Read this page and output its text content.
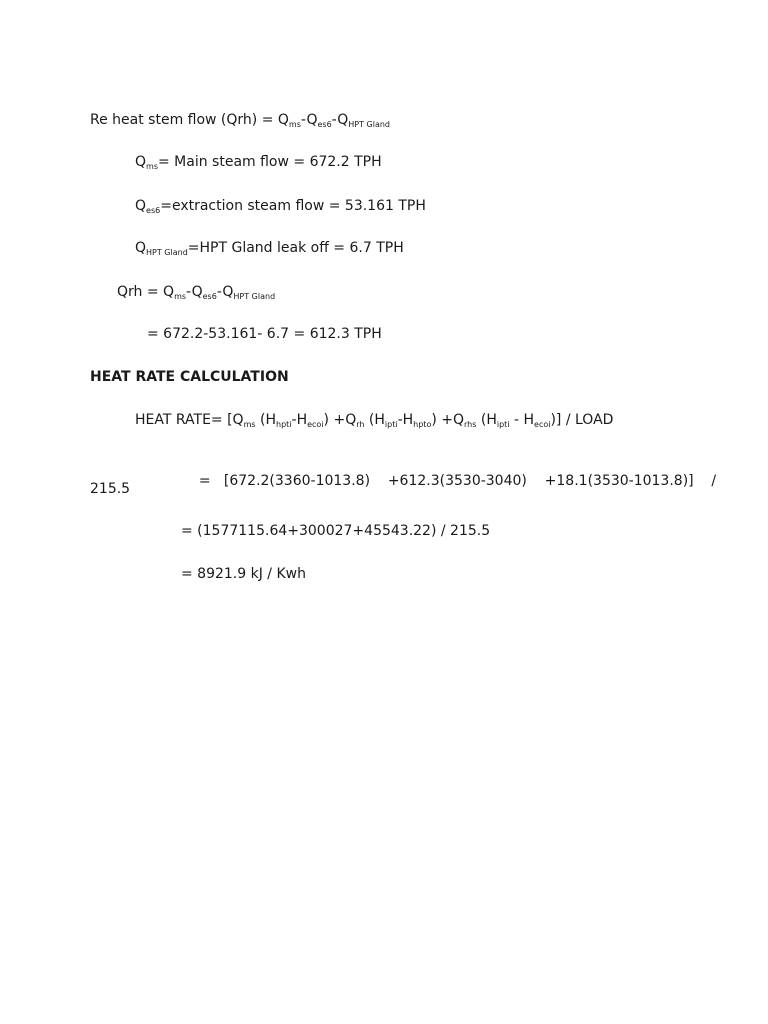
Re heat stem flow $(Qrh) = Q_{ms}-Q_{es6}-Q_{HPT Gland}$
$Q_{ms}=$ Main steam flow = 672.2 TPH
$Q_{es6}=extraction$ steam flow = 53.161 TPH
$Q_{HPT Gland}=HPT$ Gland leak off = 6.7 TPH
Qrh = $Q_{ms}-Q_{es6}-Q_{HPT Gland}$
= 672.2-53.161- 6.7 = 612.3 TPH
HEAT RATE CALCULATION
HEAT RATE= [$Q_{ms}$ $(H_{hpti}-H_{ecoi}) +Q_{rh}$ $(H_{ipti}-H_{hpto}) +Q_{rhs}$ $(H_{ipti} - H_{ecoi})$] / LOAD

=   [672.2(3360-1013.8)    +612.3(3530-3040)    +18.1(3530-1013.8)]    /

215.5
= (1577115.64+300027+45543.22) / 215.5
= 8921.9 kJ / Kwh
